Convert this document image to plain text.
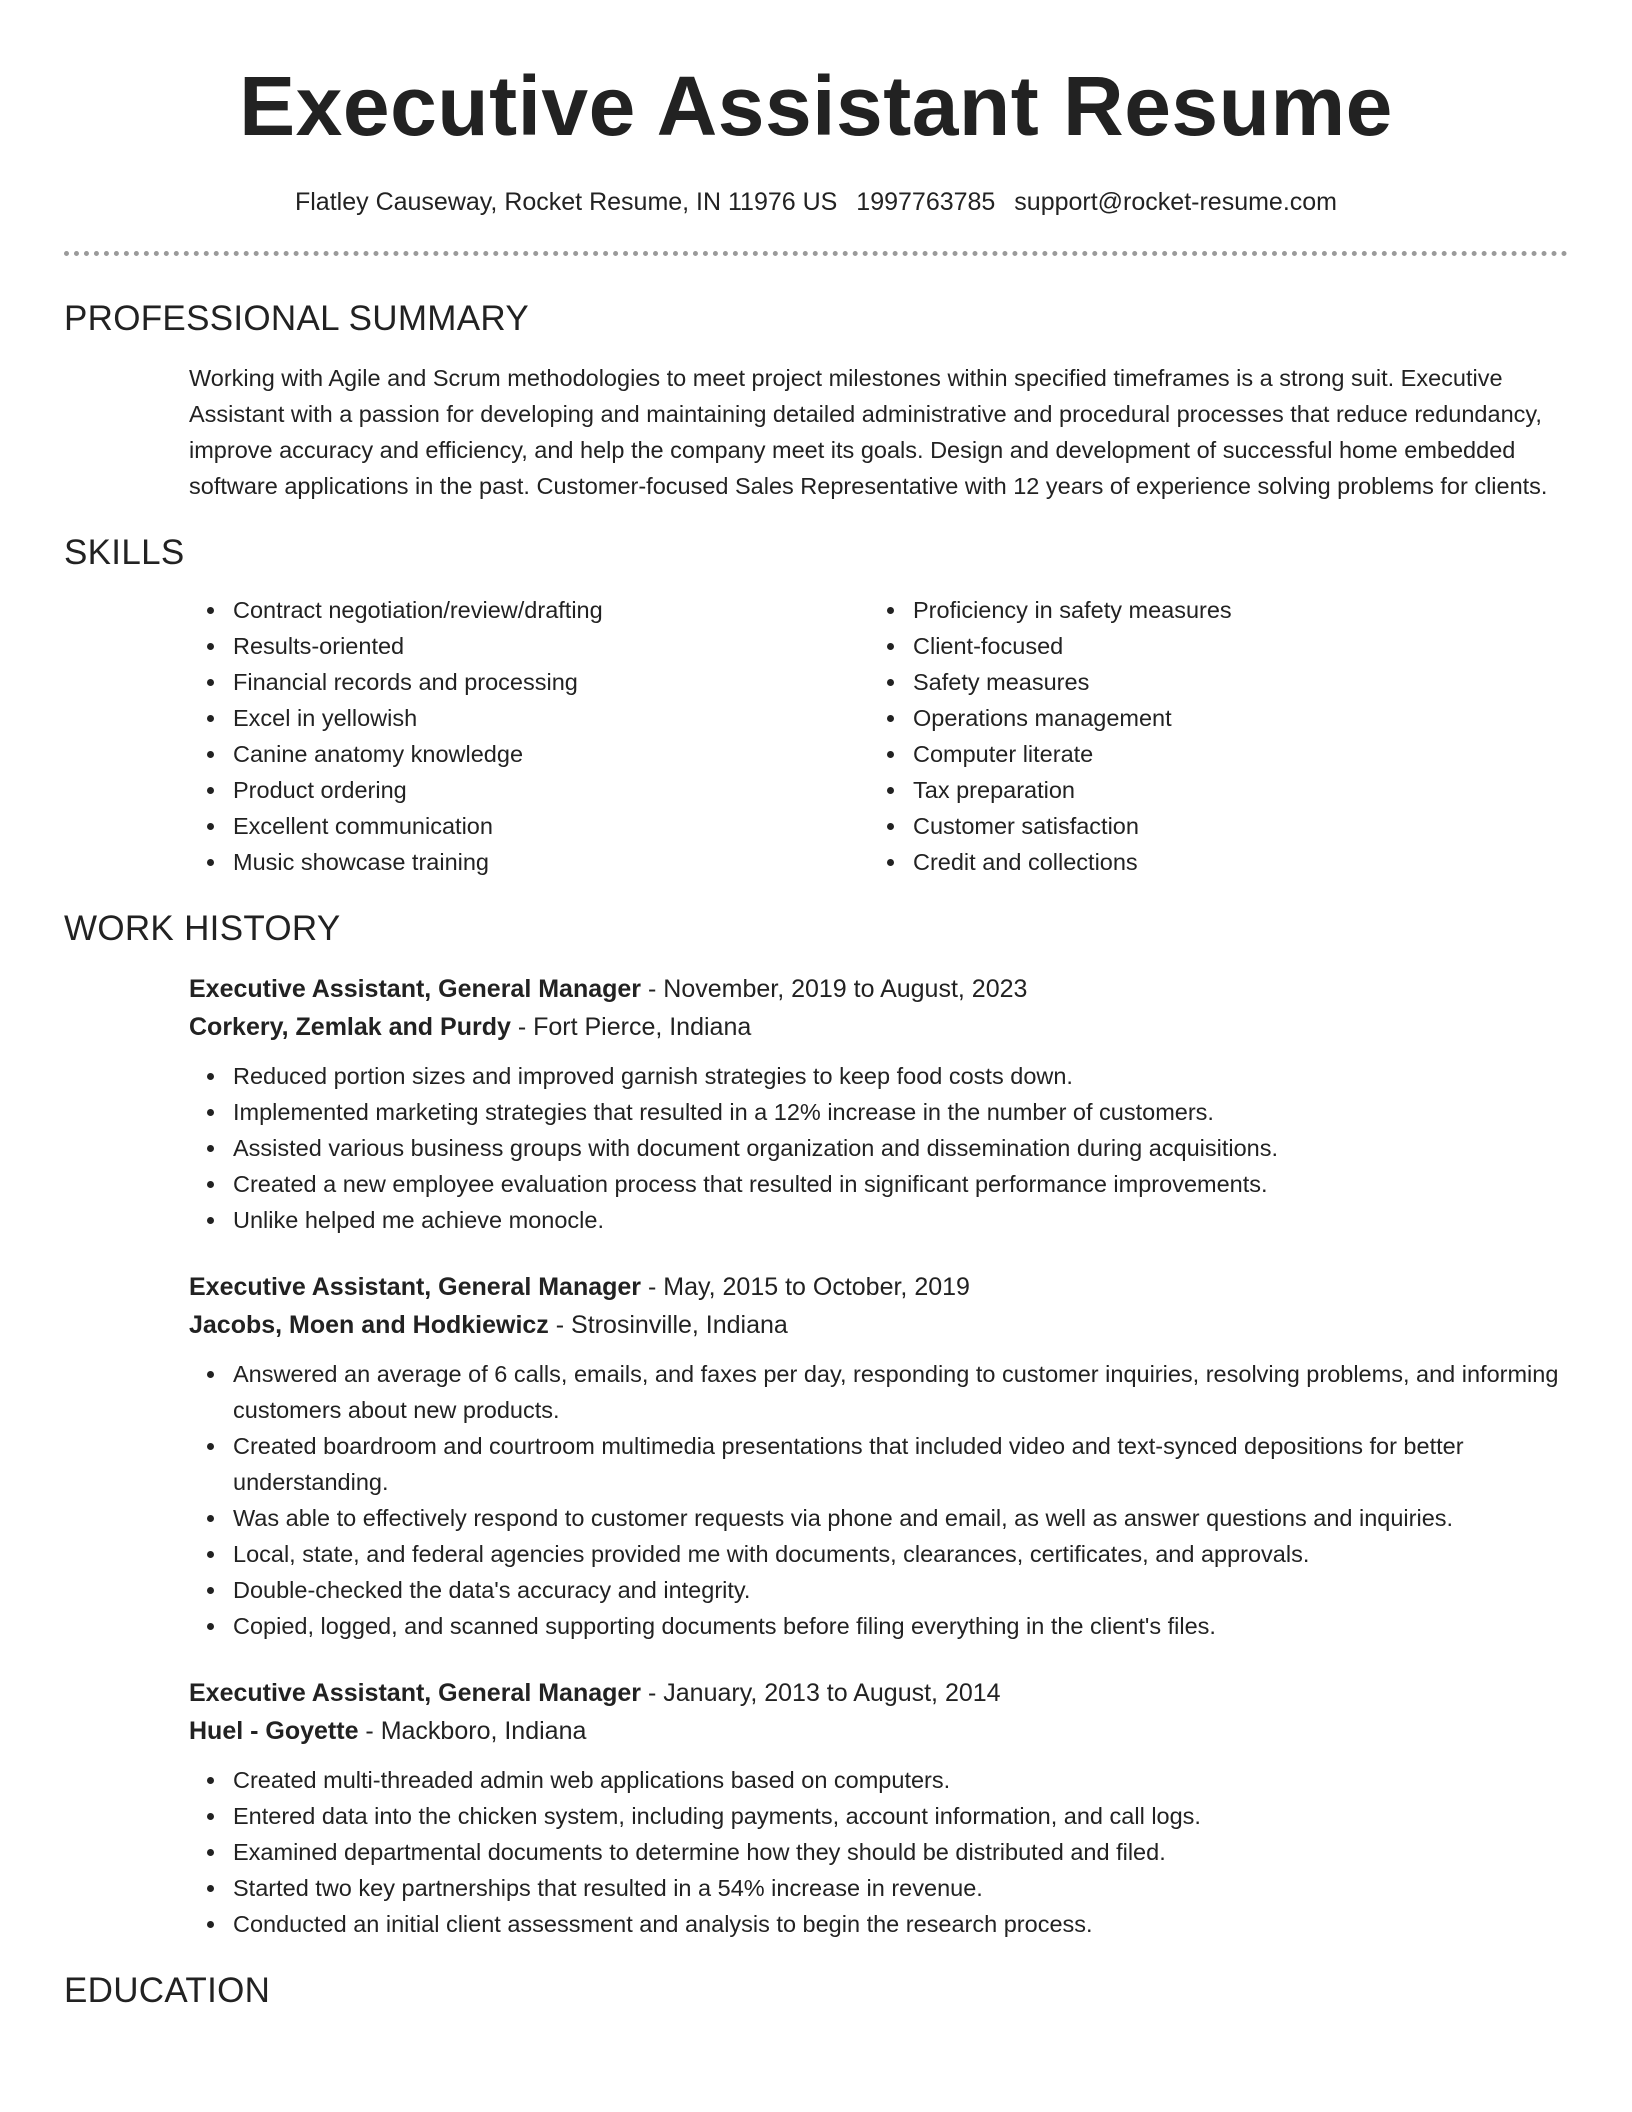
Executive Assistant Resume
Flatley Causeway, Rocket Resume, IN 11976 US 1997763785 support@rocket-resume.com
PROFESSIONAL SUMMARY

Working with Agile and Scrum methodologies to meet project milestones within specified timeframes is a strong suit. Executive Assistant with a passion for developing and maintaining detailed administrative and procedural processes that reduce redundancy, improve accuracy and efficiency, and help the company meet its goals. Design and development of successful home embedded software applications in the past. Customer-focused Sales Representative with 12 years of experience solving problems for clients.

SKILLS
Contract negotiation/review/drafting
Results-oriented
Financial records and processing
Excel in yellowish
Canine anatomy knowledge
Product ordering
Excellent communication
Music showcase training
Proficiency in safety measures
Client-focused
Safety measures
Operations management
Computer literate
Tax preparation
Customer satisfaction
Credit and collections
WORK HISTORY
Executive Assistant, General Manager - November, 2019 to August, 2023
Corkery, Zemlak and Purdy - Fort Pierce, Indiana
Reduced portion sizes and improved garnish strategies to keep food costs down.
Implemented marketing strategies that resulted in a 12% increase in the number of customers.
Assisted various business groups with document organization and dissemination during acquisitions.
Created a new employee evaluation process that resulted in significant performance improvements.
Unlike helped me achieve monocle.
Executive Assistant, General Manager - May, 2015 to October, 2019
Jacobs, Moen and Hodkiewicz - Strosinville, Indiana
Answered an average of 6 calls, emails, and faxes per day, responding to customer inquiries, resolving problems, and informing customers about new products.
Created boardroom and courtroom multimedia presentations that included video and text-synced depositions for better understanding.
Was able to effectively respond to customer requests via phone and email, as well as answer questions and inquiries.
Local, state, and federal agencies provided me with documents, clearances, certificates, and approvals.
Double-checked the data's accuracy and integrity.
Copied, logged, and scanned supporting documents before filing everything in the client's files.
Executive Assistant, General Manager - January, 2013 to August, 2014
Huel - Goyette - Mackboro, Indiana
Created multi-threaded admin web applications based on computers.
Entered data into the chicken system, including payments, account information, and call logs.
Examined departmental documents to determine how they should be distributed and filed.
Started two key partnerships that resulted in a 54% increase in revenue.
Conducted an initial client assessment and analysis to begin the research process.
EDUCATION
